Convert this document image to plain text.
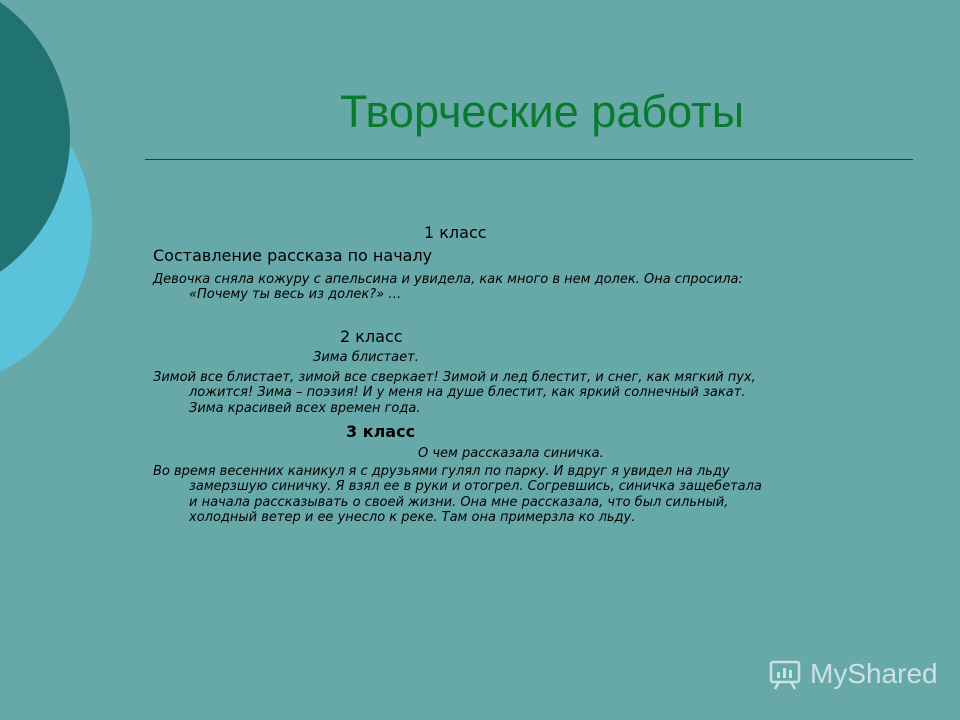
Творческие работы

1 класс

Составление рассказа по началу

Девочка сняла кожуру с апельсина и увидела, как много в нем долек. Она спросила:
«Почему ты весь из долек?» …

2 класс

Зима блистает.

Зимой все блистает, зимой все сверкает! Зимой и лед блестит, и снег, как мягкий пух,
ложится! Зима – поэзия! И у меня на душе блестит, как яркий солнечный закат.
Зима красивей всех времен года.

3 класс

О чем рассказала синичка.

Во время весенних каникул я с друзьями гулял по парку. И вдруг я увидел на льду
замерзшую синичку. Я взял ее в руки и отогрел. Согревшись, синичка защебетала
и начала рассказывать о своей жизни. Она мне рассказала, что был сильный,
холодный ветер и ее унесло к реке. Там она примерзла ко льду.
MyShared
